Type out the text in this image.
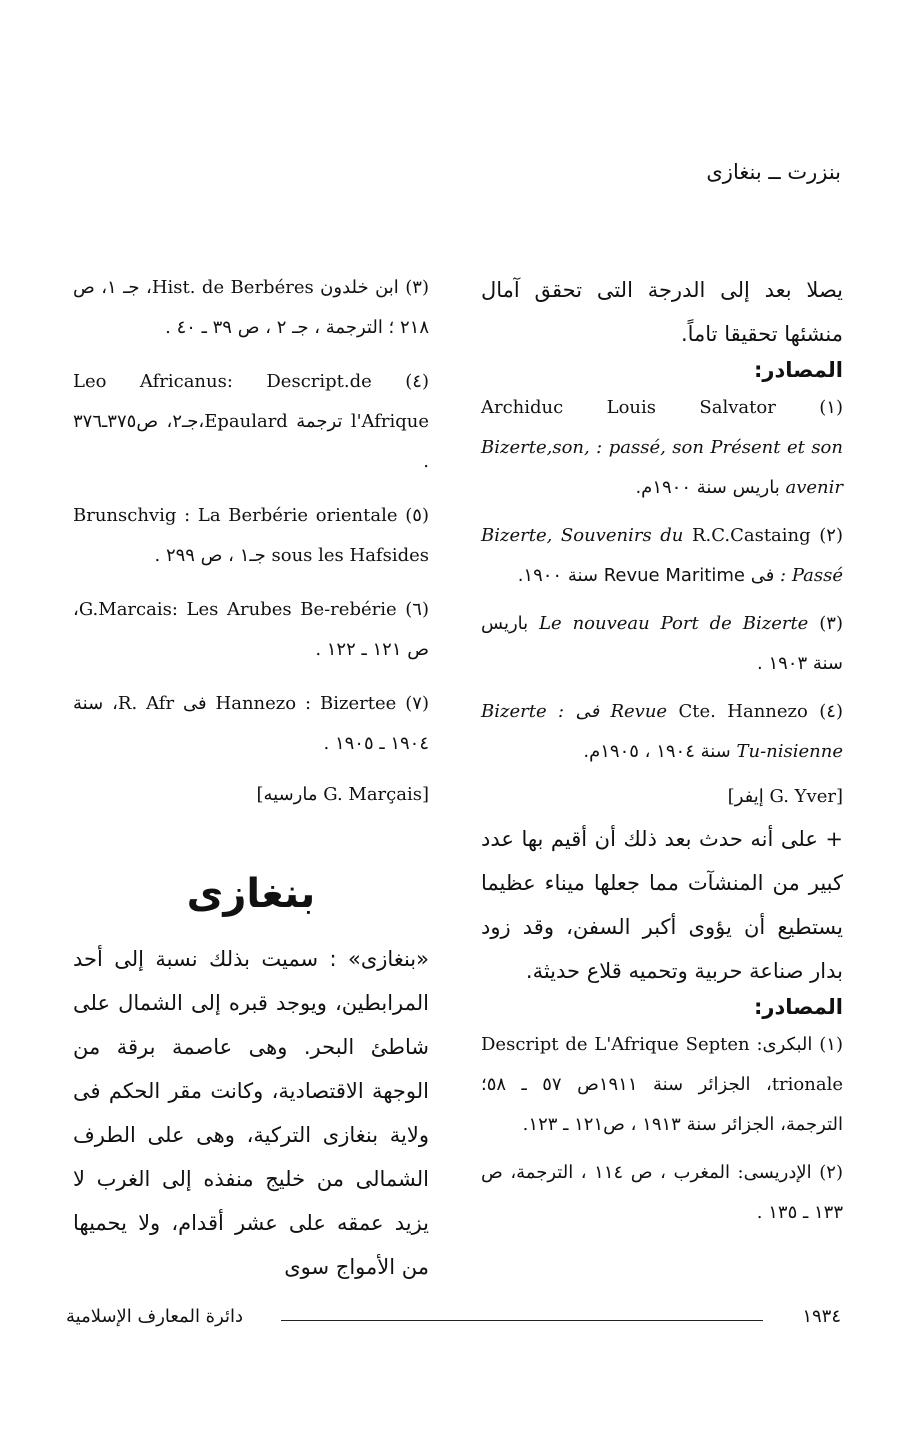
بنزرت ــ بنغازى

يصلا بعد إلى الدرجة التى تحقق آمال منشئها تحقيقا تاماً.

المصادر:

(١) Archiduc Louis Salvator Bizerte,son, : passé, son Présent et son avenir باريس سنة ١٩٠٠م.

(٢) R.C.Castaing Bizerte, Souvenirs du : Passé فى Revue Maritime سنة ١٩٠٠.

(٣) Le nouveau Port de Bizerte باريس سنة ١٩٠٣ .

(٤) Cte. Hannezo Bizerte : فى Revue Tu-nisienne سنة ١٩٠٤ ، ١٩٠٥م.

[G. Yver إيفر]

+ على أنه حدث بعد ذلك أن أقيم بها عدد كبير من المنشآت مما جعلها ميناء عظيما يستطيع أن يؤوى أكبر السفن، وقد زود بدار صناعة حربية وتحميه قلاع حديثة.

المصادر:

(١) البكرى: Descript de L'Afrique Septen trionale، الجزائر سنة ١٩١١ص ٥٧ ـ ٥٨؛ الترجمة، الجزائر سنة ١٩١٣ ، ص١٢١ ـ ١٢٣.

(٢) الإدريسى: المغرب ، ص ١١٤ ، الترجمة، ص ١٣٣ ـ ١٣٥ .

(٣) ابن خلدون Hist. de Berbéres، جـ ١، ص ٢١٨ ؛ الترجمة ، جـ ٢ ، ص ٣٩ ـ ٤٠ .

(٤) Leo Africanus: Descript.de l'Afrique ترجمة Epaulard،جـ٢، ص٣٧٥ـ٣٧٦ .

(٥) Brunschvig : La Berbérie orientale sous les Hafsides جـ١ ، ص ٢٩٩ .

(٦) G.Marcais: Les Arubes Be-rebérie، ص ١٢١ ـ ١٢٢ .

(٧) Hannezo : Bizertee فى R. Afr، سنة ١٩٠٤ ـ ١٩٠٥ .

[G. Marçais مارسيه]
بنغازى

«بنغازى» : سميت بذلك نسبة إلى أحد المرابطين، ويوجد قبره إلى الشمال على شاطئ البحر. وهى عاصمة برقة من الوجهة الاقتصادية، وكانت مقر الحكم فى ولاية بنغازى التركية، وهى على الطرف الشمالى من خليج منفذه إلى الغرب لا يزيد عمقه على عشر أقدام، ولا يحميها من الأمواج سوى

١٩٣٤
دائرة المعارف الإسلامية
